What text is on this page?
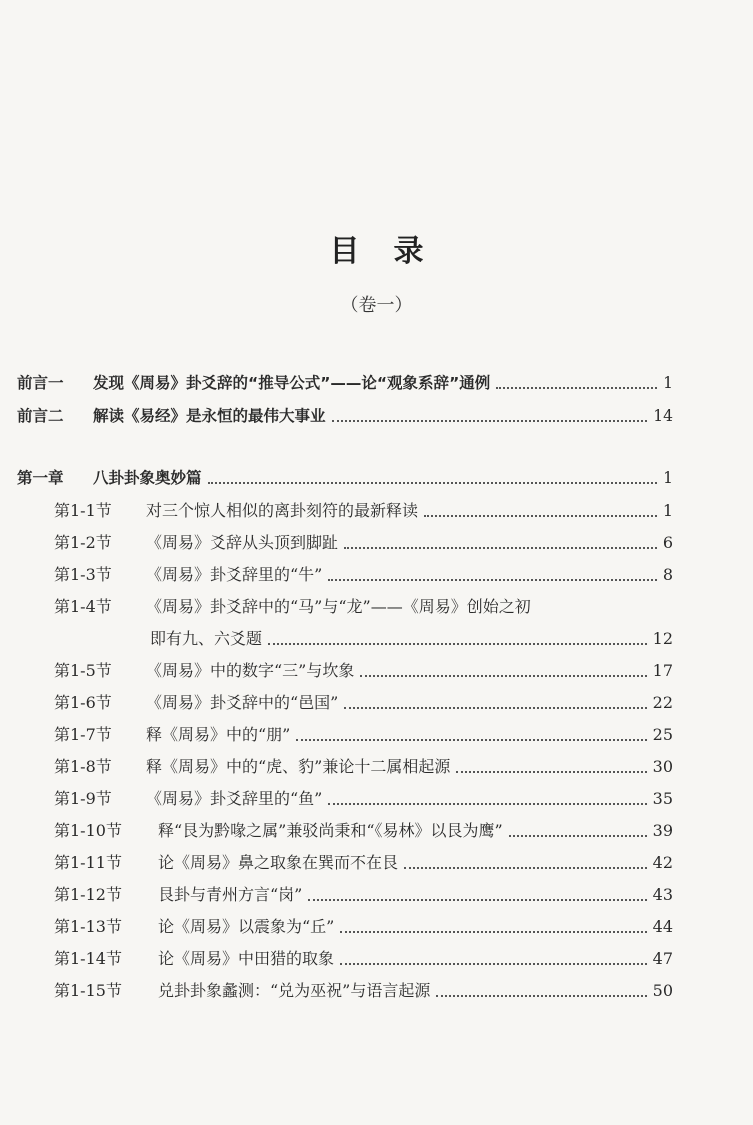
目录
（卷一）
前言一	发现《周易》卦爻辞的“推导公式”——论“观象系辞”通例	1
前言二	解读《易经》是永恒的最伟大事业	14
第一章	八卦卦象奥妙篇	1
第1-1节	对三个惊人相似的离卦刻符的最新释读	1
第1-2节	《周易》爻辞从头顶到脚趾	6
第1-3节	《周易》卦爻辞里的“牛”	8
第1-4节	《周易》卦爻辞中的“马”与“龙”——《周易》创始之初
即有九、六爻题	12
第1-5节	《周易》中的数字“三”与坎象	17
第1-6节	《周易》卦爻辞中的“邑国”	22
第1-7节	释《周易》中的“朋”	25
第1-8节	释《周易》中的“虎、豹”兼论十二属相起源	30
第1-9节	《周易》卦爻辞里的“鱼”	35
第1-10节	释“艮为黔喙之属”兼驳尚秉和“《易林》以艮为鹰”	39
第1-11节	论《周易》鼻之取象在巽而不在艮	42
第1-12节	艮卦与青州方言“岗”	43
第1-13节	论《周易》以震象为“丘”	44
第1-14节	论《周易》中田猎的取象	47
第1-15节	兑卦卦象蠡测：“兑为巫祝”与语言起源	50
